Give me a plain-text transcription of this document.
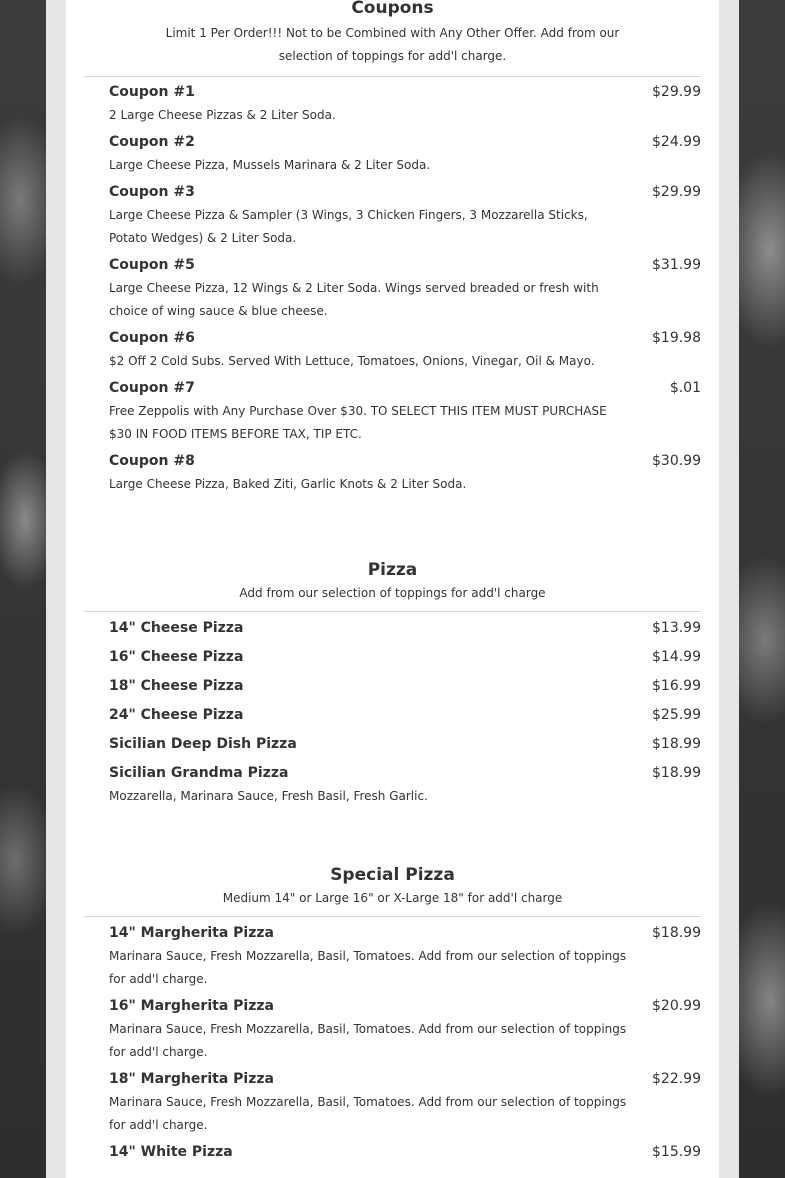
Coupons
Limit 1 Per Order!!! Not to be Combined with Any Other Offer. Add from our selection of toppings for add'l charge.
Coupon #1	$29.99
2 Large Cheese Pizzas & 2 Liter Soda.
Coupon #2	$24.99
Large Cheese Pizza, Mussels Marinara & 2 Liter Soda.
Coupon #3	$29.99
Large Cheese Pizza & Sampler (3 Wings, 3 Chicken Fingers, 3 Mozzarella Sticks, Potato Wedges) & 2 Liter Soda.
Coupon #5	$31.99
Large Cheese Pizza, 12 Wings & 2 Liter Soda. Wings served breaded or fresh with choice of wing sauce & blue cheese.
Coupon #6	$19.98
$2 Off 2 Cold Subs. Served With Lettuce, Tomatoes, Onions, Vinegar, Oil & Mayo.
Coupon #7	$.01
Free Zeppolis with Any Purchase Over $30. TO SELECT THIS ITEM MUST PURCHASE $30 IN FOOD ITEMS BEFORE TAX, TIP ETC.
Coupon #8	$30.99
Large Cheese Pizza, Baked Ziti, Garlic Knots & 2 Liter Soda.
Pizza
Add from our selection of toppings for add'l charge
14" Cheese Pizza	$13.99
16" Cheese Pizza	$14.99
18" Cheese Pizza	$16.99
24" Cheese Pizza	$25.99
Sicilian Deep Dish Pizza	$18.99
Sicilian Grandma Pizza	$18.99
Mozzarella, Marinara Sauce, Fresh Basil, Fresh Garlic.
Special Pizza
Medium 14" or Large 16" or X-Large 18" for add'l charge
14" Margherita Pizza	$18.99
Marinara Sauce, Fresh Mozzarella, Basil, Tomatoes. Add from our selection of toppings for add'l charge.
16" Margherita Pizza	$20.99
Marinara Sauce, Fresh Mozzarella, Basil, Tomatoes. Add from our selection of toppings for add'l charge.
18" Margherita Pizza	$22.99
Marinara Sauce, Fresh Mozzarella, Basil, Tomatoes. Add from our selection of toppings for add'l charge.
14" White Pizza	$15.99
